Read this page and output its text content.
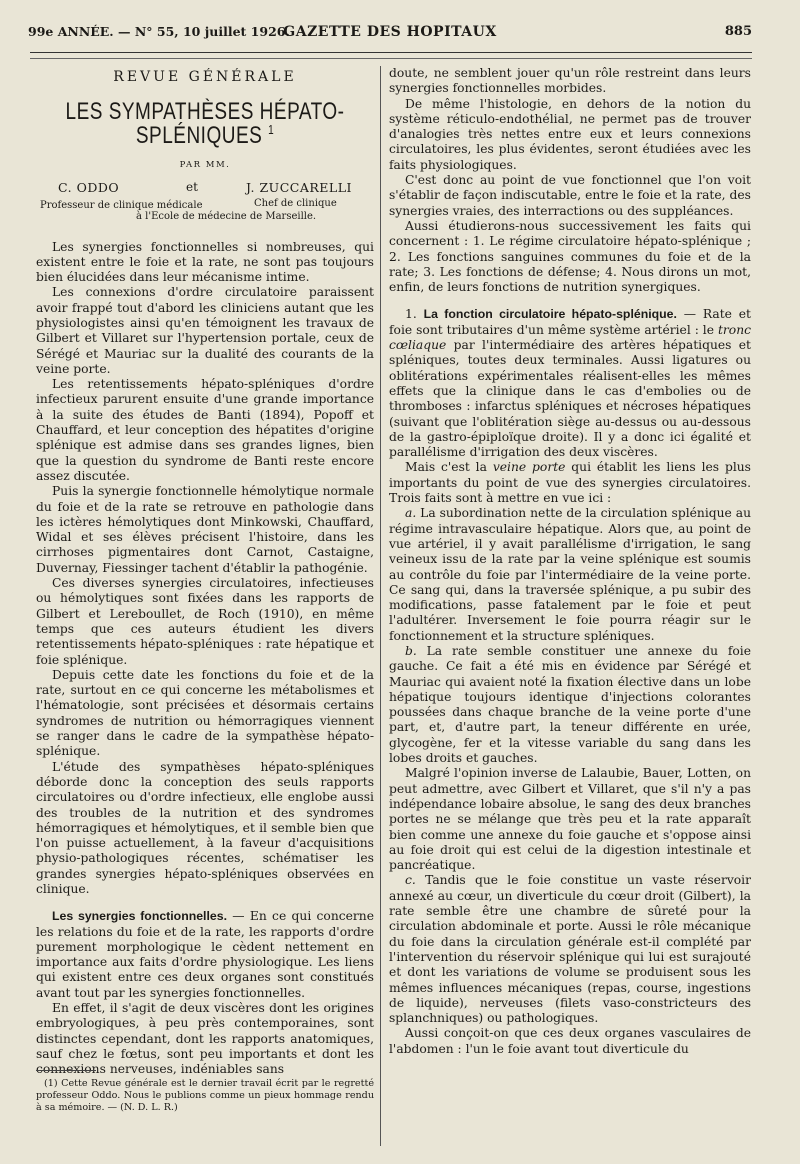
99e ANNÉE. — N° 55, 10 juillet 1926.
GAZETTE DES HOPITAUX	885
REVUE GÉNÉRALE
LES SYMPATHÈSES HÉPATO-SPLÉNIQUES $^1$
PAR MM.
C. ODDO	et	J. ZUCCARELLI
Professeur de clinique médicale	Chef de clinique
à l'Ecole de médecine de Marseille.

Les synergies fonctionnelles si nombreuses, qui existent entre le foie et la rate, ne sont pas toujours bien élucidées dans leur mécanisme intime.

Les connexions d'ordre circulatoire paraissent avoir frappé tout d'abord les cliniciens autant que les physiologistes ainsi qu'en témoignent les travaux de Gilbert et Villaret sur l'hypertension portale, ceux de Sérégé et Mauriac sur la dualité des courants de la veine porte.

Les retentissements hépato-spléniques d'ordre infectieux parurent ensuite d'une grande importance à la suite des études de Banti (1894), Popoff et Chauffard, et leur conception des hépatites d'origine splénique est admise dans ses grandes lignes, bien que la question du syndrome de Banti reste encore assez discutée.

Puis la synergie fonctionnelle hémolytique normale du foie et de la rate se retrouve en pathologie dans les ictères hémolytiques dont Minkowski, Chauffard, Widal et ses élèves précisent l'histoire, dans les cirrhoses pigmentaires dont Carnot, Castaigne, Duvernay, Fiessinger tachent d'établir la pathogénie.

Ces diverses synergies circulatoires, infectieuses ou hémolytiques sont fixées dans les rapports de Gilbert et Lereboullet, de Roch (1910), en même temps que ces auteurs étudient les divers retentissements hépato-spléniques : rate hépatique et foie splénique.

Depuis cette date les fonctions du foie et de la rate, surtout en ce qui concerne les métabolismes et l'hématologie, sont précisées et désormais certains syndromes de nutrition ou hémorragiques viennent se ranger dans le cadre de la sympathèse hépato-splénique.

L'étude des sympathèses hépato-spléniques déborde donc la conception des seuls rapports circulatoires ou d'ordre infectieux, elle englobe aussi des troubles de la nutrition et des syndromes hémorragiques et hémolytiques, et il semble bien que l'on puisse actuellement, à la faveur d'acquisitions physio-pathologiques récentes, schématiser les grandes synergies hépato-spléniques observées en clinique.

Les synergies fonctionnelles. — En ce qui concerne les relations du foie et de la rate, les rapports d'ordre purement morphologique le cèdent nettement en importance aux faits d'ordre physiologique. Les liens qui existent entre ces deux organes sont constitués avant tout par les synergies fonctionnelles.

En effet, il s'agit de deux viscères dont les origines embryologiques, à peu près contemporaines, sont distinctes cependant, dont les rapports anatomiques, sauf chez le fœtus, sont peu importants et dont les connexions nerveuses, indéniables sans

(1) Cette Revue générale est le dernier travail écrit par le regretté professeur Oddo. Nous le publions comme un pieux hommage rendu à sa mémoire. — (N. D. L. R.)

doute, ne semblent jouer qu'un rôle restreint dans leurs synergies fonctionnelles morbides.

De même l'histologie, en dehors de la notion du système réticulo-endothélial, ne permet pas de trouver d'analogies très nettes entre eux et leurs connexions circulatoires, les plus évidentes, seront étudiées avec les faits physiologiques.

C'est donc au point de vue fonctionnel que l'on voit s'établir de façon indiscutable, entre le foie et la rate, des synergies vraies, des interractions ou des suppléances.

Aussi étudierons-nous successivement les faits qui concernent : 1. Le régime circulatoire hépato-splénique ; 2. Les fonctions sanguines communes du foie et de la rate; 3. Les fonctions de défense; 4. Nous dirons un mot, enfin, de leurs fonctions de nutrition synergiques.

1. La fonction circulatoire hépato-splénique. — Rate et foie sont tributaires d'un même système artériel : le tronc cœliaque par l'intermédiaire des artères hépatiques et spléniques, toutes deux terminales. Aussi ligatures ou oblitérations expérimentales réalisent-elles les mêmes effets que la clinique dans le cas d'embolies ou de thromboses : infarctus spléniques et nécroses hépatiques (suivant que l'oblitération siège au-dessus ou au-dessous de la gastro-épiploïque droite). Il y a donc ici égalité et parallélisme d'irrigation des deux viscères.

Mais c'est la veine porte qui établit les liens les plus importants du point de vue des synergies circulatoires. Trois faits sont à mettre en vue ici :

a. La subordination nette de la circulation splénique au régime intravasculaire hépatique. Alors que, au point de vue artériel, il y avait parallélisme d'irrigation, le sang veineux issu de la rate par la veine splénique est soumis au contrôle du foie par l'intermédiaire de la veine porte. Ce sang qui, dans la traversée splénique, a pu subir des modifications, passe fatalement par le foie et peut l'adultérer. Inversement le foie pourra réagir sur le fonctionnement et la structure spléniques.

b. La rate semble constituer une annexe du foie gauche. Ce fait a été mis en évidence par Sérégé et Mauriac qui avaient noté la fixation élective dans un lobe hépatique toujours identique d'injections colorantes poussées dans chaque branche de la veine porte d'une part, et, d'autre part, la teneur différente en urée, glycogène, fer et la vitesse variable du sang dans les lobes droits et gauches.

Malgré l'opinion inverse de Lalaubie, Bauer, Lotten, on peut admettre, avec Gilbert et Villaret, que s'il n'y a pas indépendance lobaire absolue, le sang des deux branches portes ne se mélange que très peu et la rate apparaît bien comme une annexe du foie gauche et s'oppose ainsi au foie droit qui est celui de la digestion intestinale et pancréatique.

c. Tandis que le foie constitue un vaste réservoir annexé au cœur, un diverticule du cœur droit (Gilbert), la rate semble être une chambre de sûreté pour la circulation abdominale et porte. Aussi le rôle mécanique du foie dans la circulation générale est-il complété par l'intervention du réservoir splénique qui lui est surajouté et dont les variations de volume se produisent sous les mêmes influences mécaniques (repas, course, ingestions de liquide), nerveuses (filets vaso-constricteurs des splanchniques) ou pathologiques.

Aussi conçoit-on que ces deux organes vasculaires de l'abdomen : l'un le foie avant tout diverticule du
